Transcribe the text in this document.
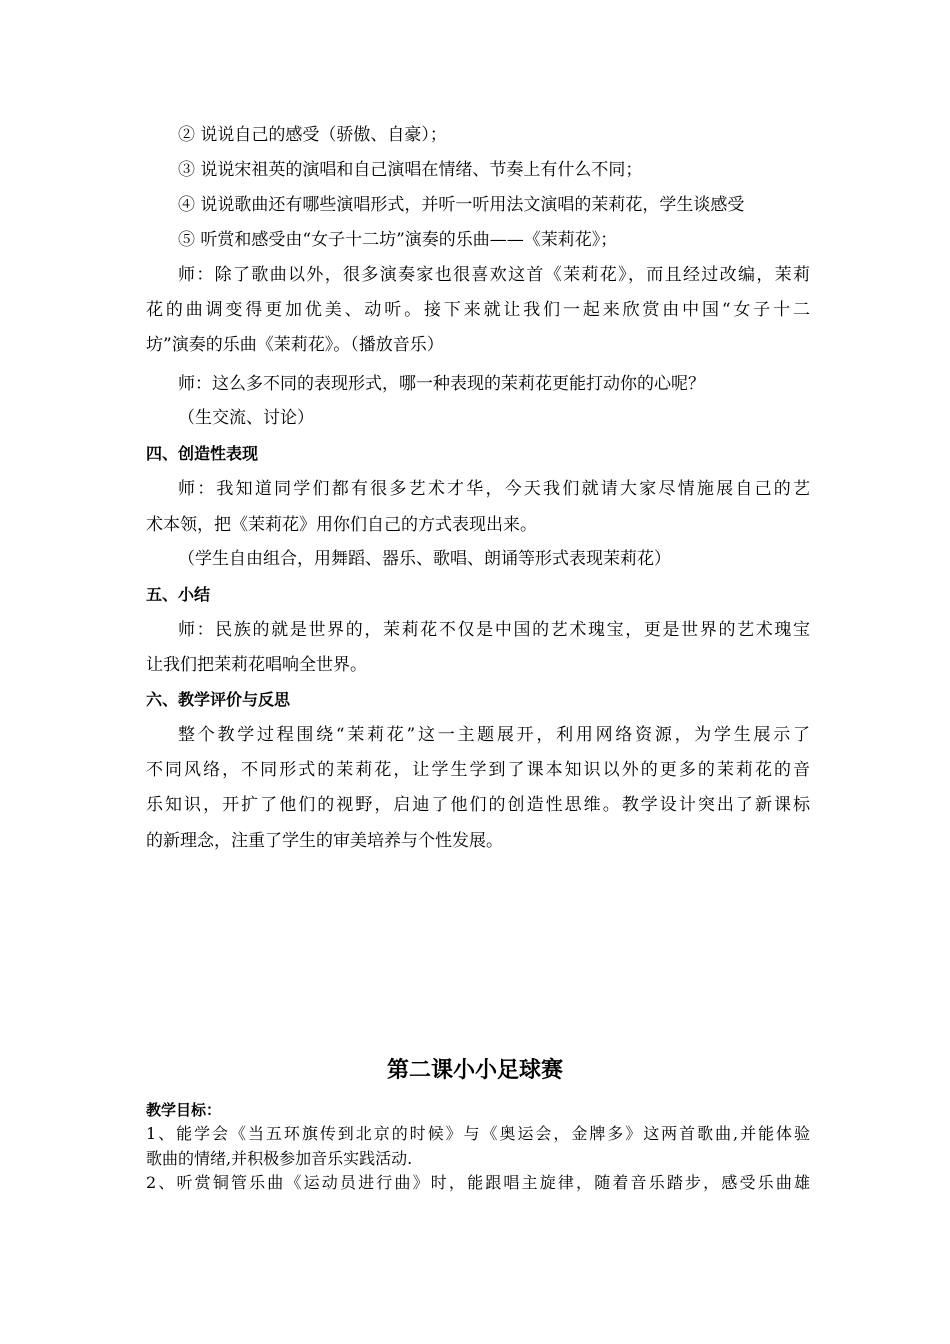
② 说说自己的感受（骄傲、自豪）；
③ 说说宋祖英的演唱和自己演唱在情绪、节奏上有什么不同；
④ 说说歌曲还有哪些演唱形式，并听一听用法文演唱的茉莉花，学生谈感受
⑤ 听赏和感受由“女子十二坊”演奏的乐曲——《茉莉花》；
师：除了歌曲以外，很多演奏家也很喜欢这首《茉莉花》，而且经过改编，茉莉
花的曲调变得更加优美、动听。接下来就让我们一起来欣赏由中国“女子十二
坊”演奏的乐曲《茉莉花》。（播放音乐）
师：这么多不同的表现形式，哪一种表现的茉莉花更能打动你的心呢？
（生交流、讨论）
四、创造性表现
师：我知道同学们都有很多艺术才华，今天我们就请大家尽情施展自己的艺
术本领，把《茉莉花》用你们自己的方式表现出来。
（学生自由组合，用舞蹈、器乐、歌唱、朗诵等形式表现茉莉花）
五、小结
师：民族的就是世界的，茉莉花不仅是中国的艺术瑰宝，更是世界的艺术瑰宝
让我们把茉莉花唱响全世界。
六、教学评价与反思
整个教学过程围绕“茉莉花”这一主题展开，利用网络资源，为学生展示了
不同风络，不同形式的茉莉花，让学生学到了课本知识以外的更多的茉莉花的音
乐知识，开扩了他们的视野，启迪了他们的创造性思维。教学设计突出了新课标
的新理念，注重了学生的审美培养与个性发展。
第二课小小足球赛
教学目标：
1、能学会《当五环旗传到北京的时候》与《奥运会，金牌多》这两首歌曲,并能体验
歌曲的情绪,并积极参加音乐实践活动.
2、听赏铜管乐曲《运动员进行曲》时，能跟唱主旋律，随着音乐踏步，感受乐曲雄
